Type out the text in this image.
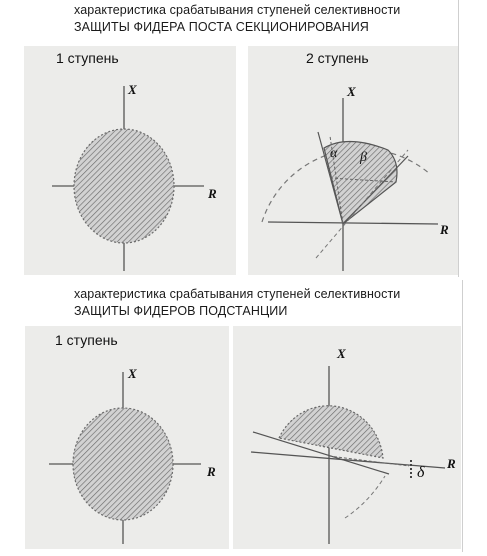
характеристика срабатывания ступеней селективности
ЗАЩИТЫ ФИДЕРА ПОСТА СЕКЦИОНИРОВАНИЯ
1 ступень
X
R
2 ступень
X
R
α β
характеристика срабатывания ступеней селективности
ЗАЩИТЫ ФИДЕРОВ ПОДСТАНЦИИ
1 ступень
X
R
X
R
δ
